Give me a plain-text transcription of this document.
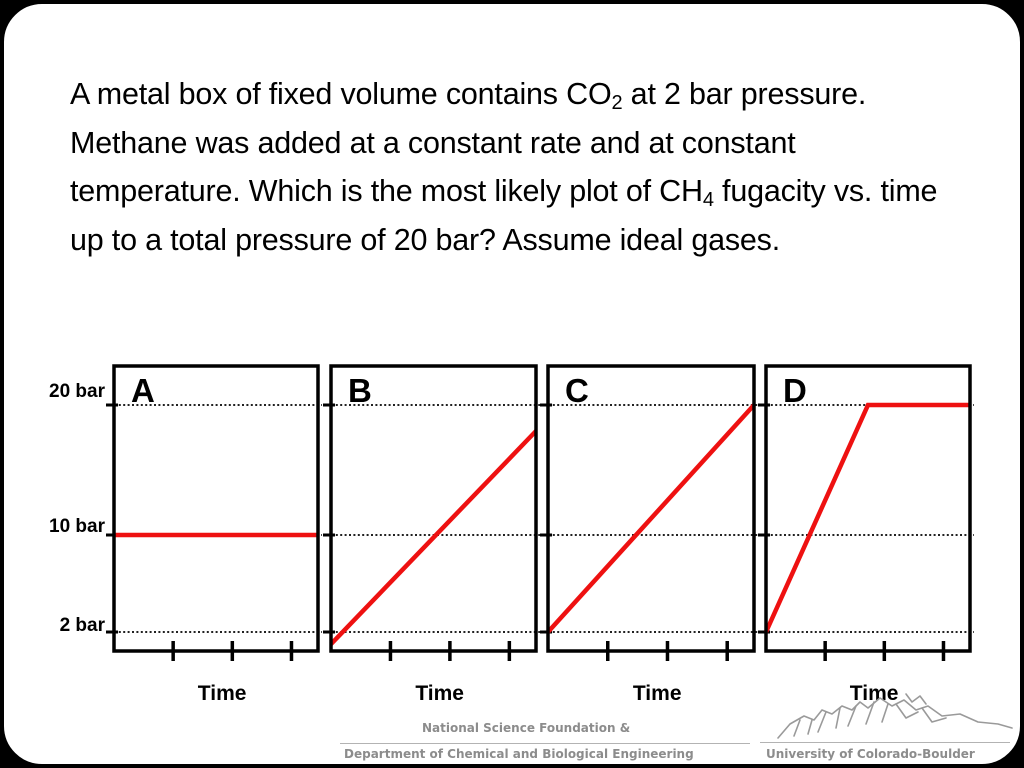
A metal box of fixed volume contains $CO_2$ at 2 bar pressure. Methane was added at a constant rate and at constant temperature. Which is the most likely plot of $CH_4$ fugacity vs. time up to a total pressure of 20 bar? Assume ideal gases.
20 bar
10 bar
2 bar
A
Time
B
Time
C
Time
D
Time
National Science Foundation &
Department of Chemical and Biological Engineering	University of Colorado-Boulder
